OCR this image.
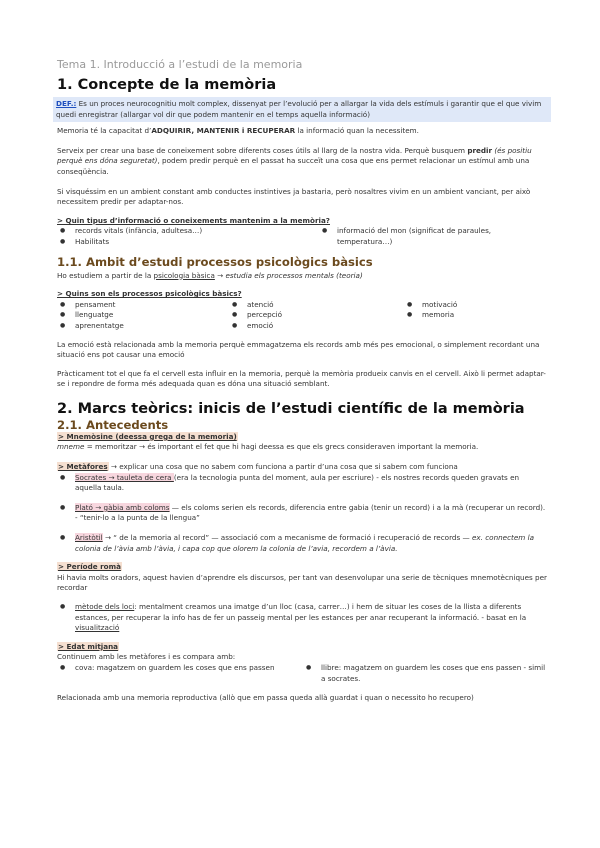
Tema 1. Introducció a l’estudi de la memoria
1. Concepte de la memòria
DEF.: Es un proces neurocognitiu molt complex, dissenyat per l’evolució per a allargar la vida dels estímuls i garantir que el que vivim quedi enregistrar (allargar vol dir que podem mantenir en el temps aquella informació)
Memoria té la capacitat d’ADQUIRIR, MANTENIR i RECUPERAR la informació quan la necessitem.
Serveix per crear una base de coneixement sobre diferents coses útils al llarg de la nostra vida. Perquè busquem predir (és positiu perquè ens dóna seguretat), podem predir perquè en el passat ha succeït una cosa que ens permet relacionar un estímul amb una conseqüència.
Si visquéssim en un ambient constant amb conductes instintives ja bastaria, però nosaltres vivim en un ambient vanciant, per això necessitem predir per adaptar-nos.
> Quin tipus d’informació o coneixements mantenim a la memòria?
● records vitals (infància, adultesa…)
● Habilitats
● informació del mon (significat de paraules, temperatura…)
1.1. Ambit d’estudi processos psicològics bàsics
Ho estudiem a partir de la psicologia bàsica → estudia els processos mentals (teoria)
> Quins son els processos psicològics bàsics?
● pensament
● llenguatge
● aprenentatge
● atenció
● percepció
● emoció
● motivació
● memoria
La emoció està relacionada amb la memoria perquè emmagatzema els records amb més pes emocional, o simplement recordant una situació ens pot causar una emoció
Pràcticament tot el que fa el cervell esta influir en la memoria, perquè la memòria produeix canvis en el cervell. Això li permet adaptar-se i repondre de forma més adequada quan es dóna una situació semblant.
2. Marcs teòrics: inicis de l’estudi científic de la memòria
2.1. Antecedents
> Mnemòsine (deessa grega de la memoria)
mneme = memoritzar → és important el fet que hi hagi deessa es que els grecs consideraven important la memoria.
> Metàfores → explicar una cosa que no sabem com funciona a partir d’una cosa que si sabem com funciona
● Socrates → tauleta de cera (era la tecnologia punta del moment, aula per escriure) - els nostres records queden gravats en aquella taula.
● Plató → gàbia amb coloms — els coloms serien els records, diferencia entre gabia (tenir un record) i a la mà (recuperar un record). - “tenir-lo a la punta de la llengua”
● Aristòtil → “ de la memoria al record” — associació com a mecanisme de formació i recuperació de records — ex. connectem la colonia de l’àvia amb l’àvia, i capa cop que olorem la colonia de l’avia, recordem a l’àvia.
> Període romà
Hi havia molts oradors, aquest havien d’aprendre els discursos, per tant van desenvolupar una serie de tècniques mnemotècniques per recordar
● mètode dels loci: mentalment creamos una imatge d’un lloc (casa, carrer…) i hem de situar les coses de la llista a diferents estances, per recuperar la info has de fer un passeig mental per les estances per anar recuperant la informació. - basat en la visualització
> Edat mitjana
Continuem amb les metàfores i es compara amb:
● cova: magatzem on guardem les coses que ens passen
●	llibre: magatzem on guardem les coses que ens passen - simil a socrates.
Relacionada amb una memoria reproductiva (allò que em passa queda allà guardat i quan o necessito ho recupero)
